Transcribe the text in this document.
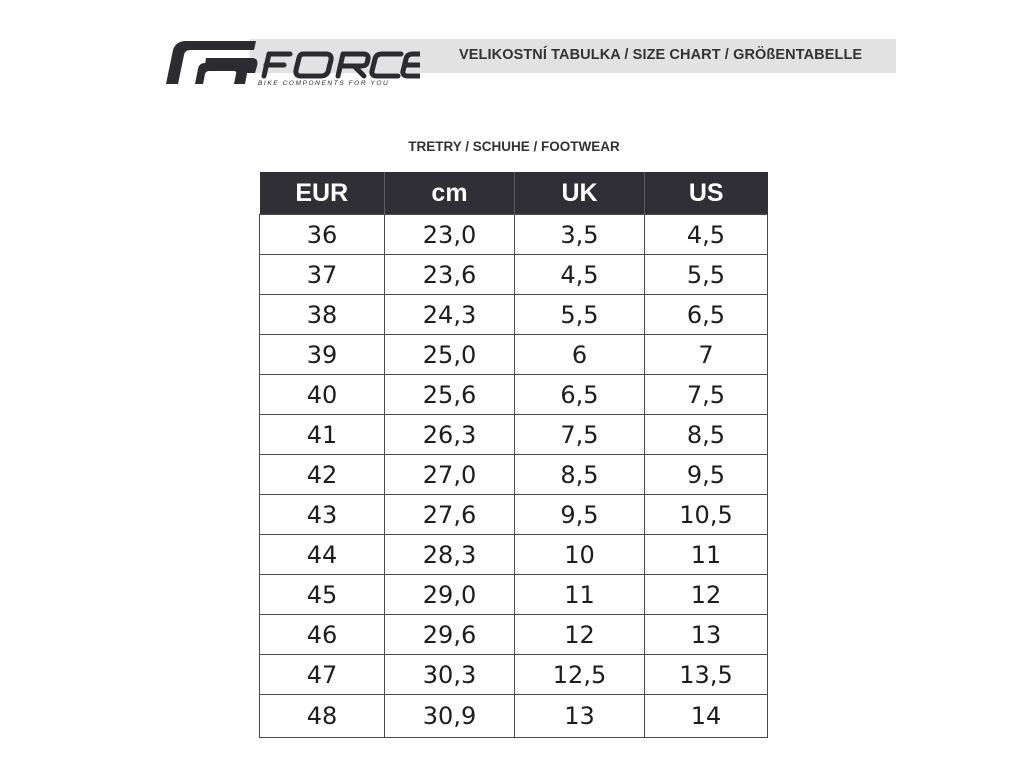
BIKE COMPONENTS FOR YOU
VELIKOSTNÍ TABULKA / SIZE CHART / GRÖßENTABELLE
TRETRY / SCHUHE / FOOTWEAR
EUR	cm	UK	US
36	23,0	3,5	4,5
37	23,6	4,5	5,5
38	24,3	5,5	6,5
39	25,0	6	7
40	25,6	6,5	7,5
41	26,3	7,5	8,5
42	27,0	8,5	9,5
43	27,6	9,5	10,5
44	28,3	10	11
45	29,0	11	12
46	29,6	12	13
47	30,3	12,5	13,5
48	30,9	13	14
